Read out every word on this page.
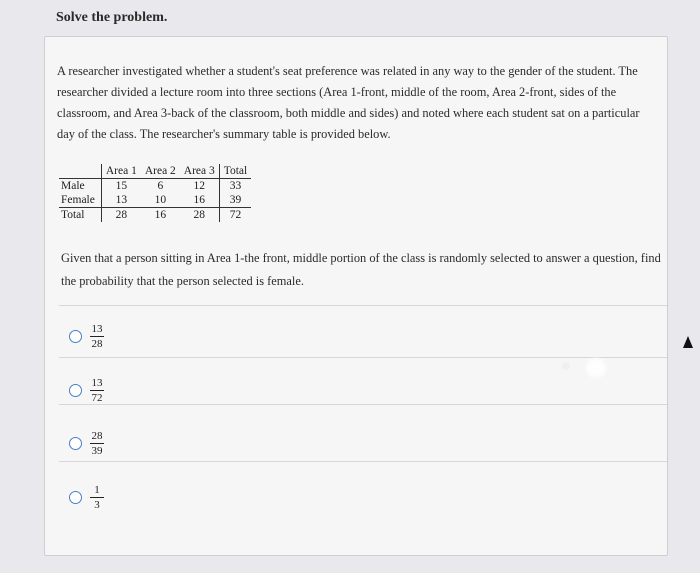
Solve the problem.
A researcher investigated whether a student's seat preference was related in any way to the gender of the student. The researcher divided a lecture room into three sections (Area 1-front, middle of the room, Area 2-front, sides of the classroom, and Area 3-back of the classroom, both middle and sides) and noted where each student sat on a particular day of the class. The researcher's summary table is provided below.
	Area 1	Area 2	Area 3	Total
Male	15	6	12	33
Female	13	10	16	39
Total	28	16	28	72
Given that a person sitting in Area 1-the front, middle portion of the class is randomly selected to answer a question, find the probability that the person selected is female.
$\frac{13}{28}$
$\frac{13}{72}$
$\frac{28}{39}$
$\frac{1}{3}$
